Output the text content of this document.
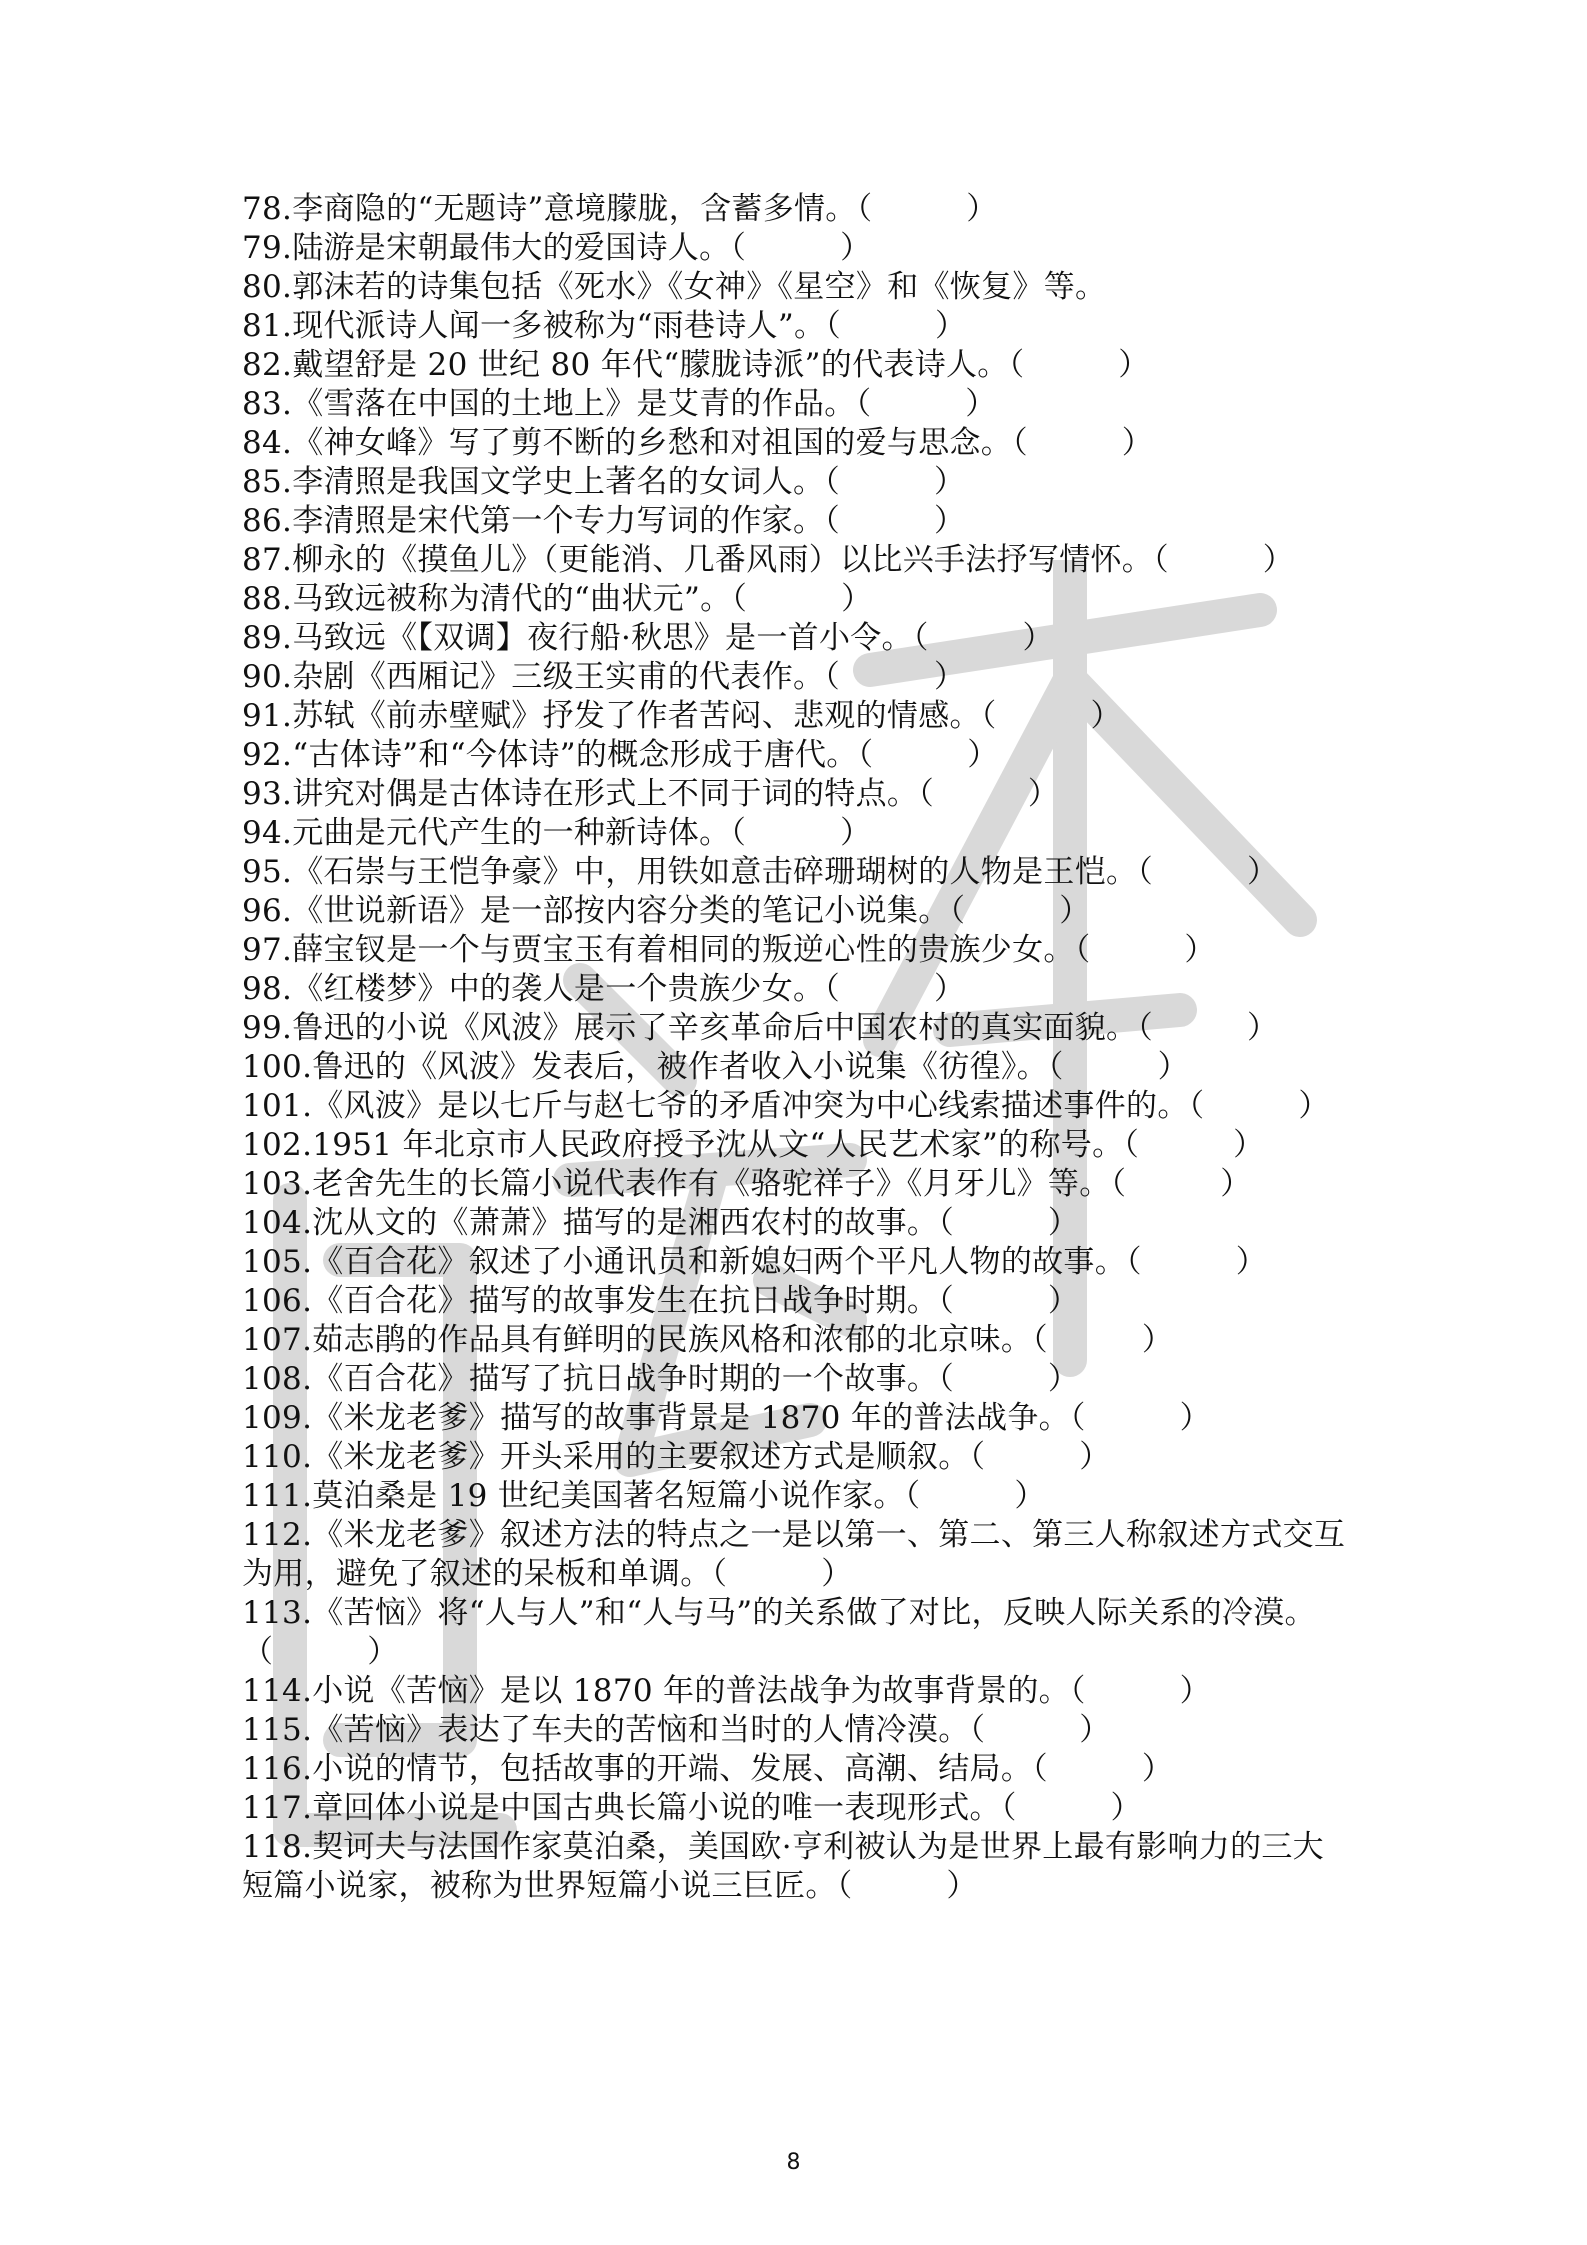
78.李商隐的“无题诗”意境朦胧，含蓄多情。（　　　）
79.陆游是宋朝最伟大的爱国诗人。（　　　）
80.郭沫若的诗集包括《死水》《女神》《星空》和《恢复》等。
81.现代派诗人闻一多被称为“雨巷诗人”。（　　　）
82.戴望舒是 20 世纪 80 年代“朦胧诗派”的代表诗人。（　　　）
83.《雪落在中国的土地上》是艾青的作品。（　　　）
84.《神女峰》写了剪不断的乡愁和对祖国的爱与思念。（　　　）
85.李清照是我国文学史上著名的女词人。（　　　）
86.李清照是宋代第一个专力写词的作家。（　　　）
87.柳永的《摸鱼儿》（更能消、几番风雨）以比兴手法抒写情怀。（　　　）
88.马致远被称为清代的“曲状元”。（　　　）
89.马致远《【双调】夜行船·秋思》是一首小令。（　　　）
90.杂剧《西厢记》三级王实甫的代表作。（　　　）
91.苏轼《前赤壁赋》抒发了作者苦闷、悲观的情感。（　　　）
92.“古体诗”和“今体诗”的概念形成于唐代。（　　　）
93.讲究对偶是古体诗在形式上不同于词的特点。（　　　）
94.元曲是元代产生的一种新诗体。（　　　）
95.《石崇与王恺争豪》中，用铁如意击碎珊瑚树的人物是王恺。（　　　）
96.《世说新语》是一部按内容分类的笔记小说集。（　　　）
97.薛宝钗是一个与贾宝玉有着相同的叛逆心性的贵族少女。（　　　）
98.《红楼梦》中的袭人是一个贵族少女。（　　　）
99.鲁迅的小说《风波》展示了辛亥革命后中国农村的真实面貌。（　　　）
100.鲁迅的《风波》发表后，被作者收入小说集《彷徨》。（　　　）
101.《风波》是以七斤与赵七爷的矛盾冲突为中心线索描述事件的。（　　　）
102.1951 年北京市人民政府授予沈从文“人民艺术家”的称号。（　　　）
103.老舍先生的长篇小说代表作有《骆驼祥子》《月牙儿》等。（　　　）
104.沈从文的《萧萧》描写的是湘西农村的故事。（　　　）
105.《百合花》叙述了小通讯员和新媳妇两个平凡人物的故事。（　　　）
106.《百合花》描写的故事发生在抗日战争时期。（　　　）
107.茹志鹃的作品具有鲜明的民族风格和浓郁的北京味。（　　　）
108.《百合花》描写了抗日战争时期的一个故事。（　　　）
109.《米龙老爹》描写的故事背景是 1870 年的普法战争。（　　　）
110.《米龙老爹》开头采用的主要叙述方式是顺叙。（　　　）
111.莫泊桑是 19 世纪美国著名短篇小说作家。（　　　）
112.《米龙老爹》叙述方法的特点之一是以第一、第二、第三人称叙述方式交互
为用，避免了叙述的呆板和单调。（　　　）
113.《苦恼》将“人与人”和“人与马”的关系做了对比，反映人际关系的冷漠。
（　　　）
114.小说《苦恼》是以 1870 年的普法战争为故事背景的。（　　　）
115.《苦恼》表达了车夫的苦恼和当时的人情冷漠。（　　　）
116.小说的情节，包括故事的开端、发展、高潮、结局。（　　　）
117.章回体小说是中国古典长篇小说的唯一表现形式。（　　　）
118.契诃夫与法国作家莫泊桑，美国欧·亨利被认为是世界上最有影响力的三大
短篇小说家，被称为世界短篇小说三巨匠。（　　　）
8
